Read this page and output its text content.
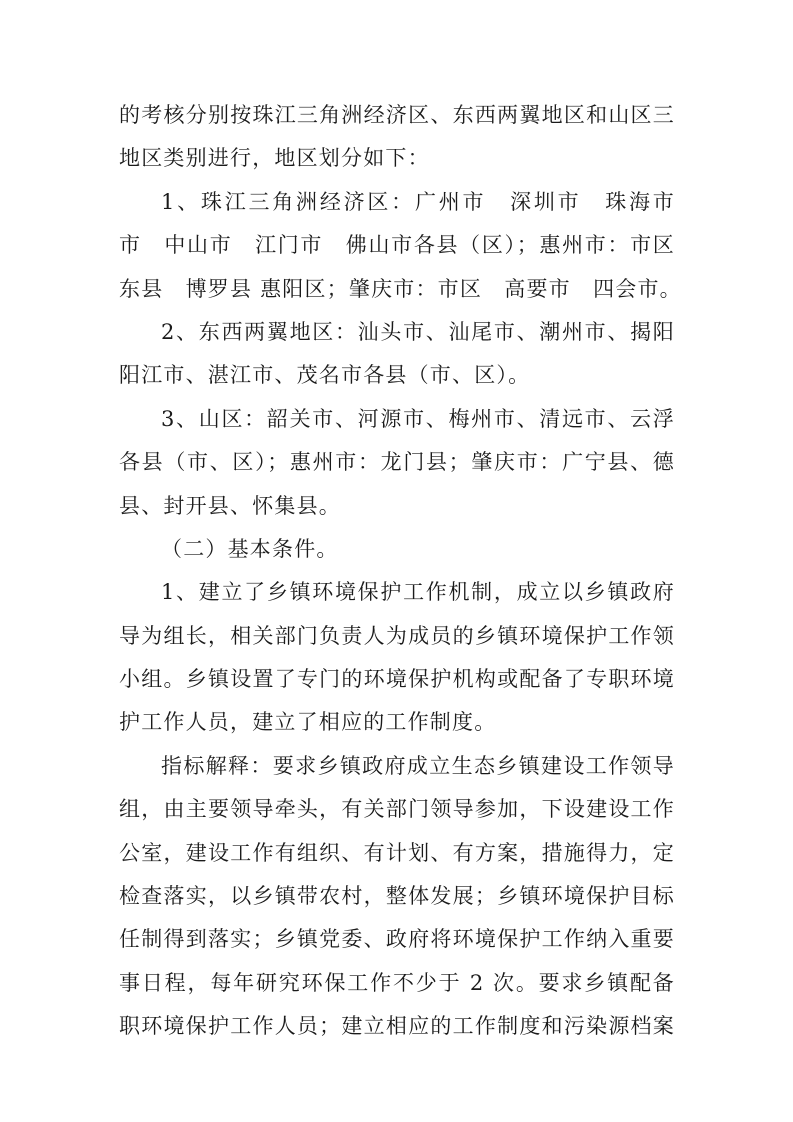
的考核分别按珠江三角洲经济区、东西两翼地区和山区三
地区类别进行，地区划分如下：
1、珠江三角洲经济区：广州市　深圳市　珠海市　
市　中山市　江门市　佛山市各县（区）；惠州市：市区　
东县　博罗县 惠阳区；肇庆市：市区　高要市　四会市。
2、东西两翼地区：汕头市、汕尾市、潮州市、揭阳
阳江市、湛江市、茂名市各县（市、区）。
3、山区：韶关市、河源市、梅州市、清远市、云浮
各县（市、区）；惠州市：龙门县；肇庆市：广宁县、德
县、封开县、怀集县。
（二）基本条件。
1、建立了乡镇环境保护工作机制，成立以乡镇政府
导为组长，相关部门负责人为成员的乡镇环境保护工作领
小组。乡镇设置了专门的环境保护机构或配备了专职环境
护工作人员，建立了相应的工作制度。
指标解释：要求乡镇政府成立生态乡镇建设工作领导
组，由主要领导牵头，有关部门领导参加，下设建设工作
公室，建设工作有组织、有计划、有方案，措施得力，定
检查落实，以乡镇带农村，整体发展；乡镇环境保护目标
任制得到落实；乡镇党委、政府将环境保护工作纳入重要
事日程，每年研究环保工作不少于 2 次。要求乡镇配备
职环境保护工作人员；建立相应的工作制度和污染源档案
